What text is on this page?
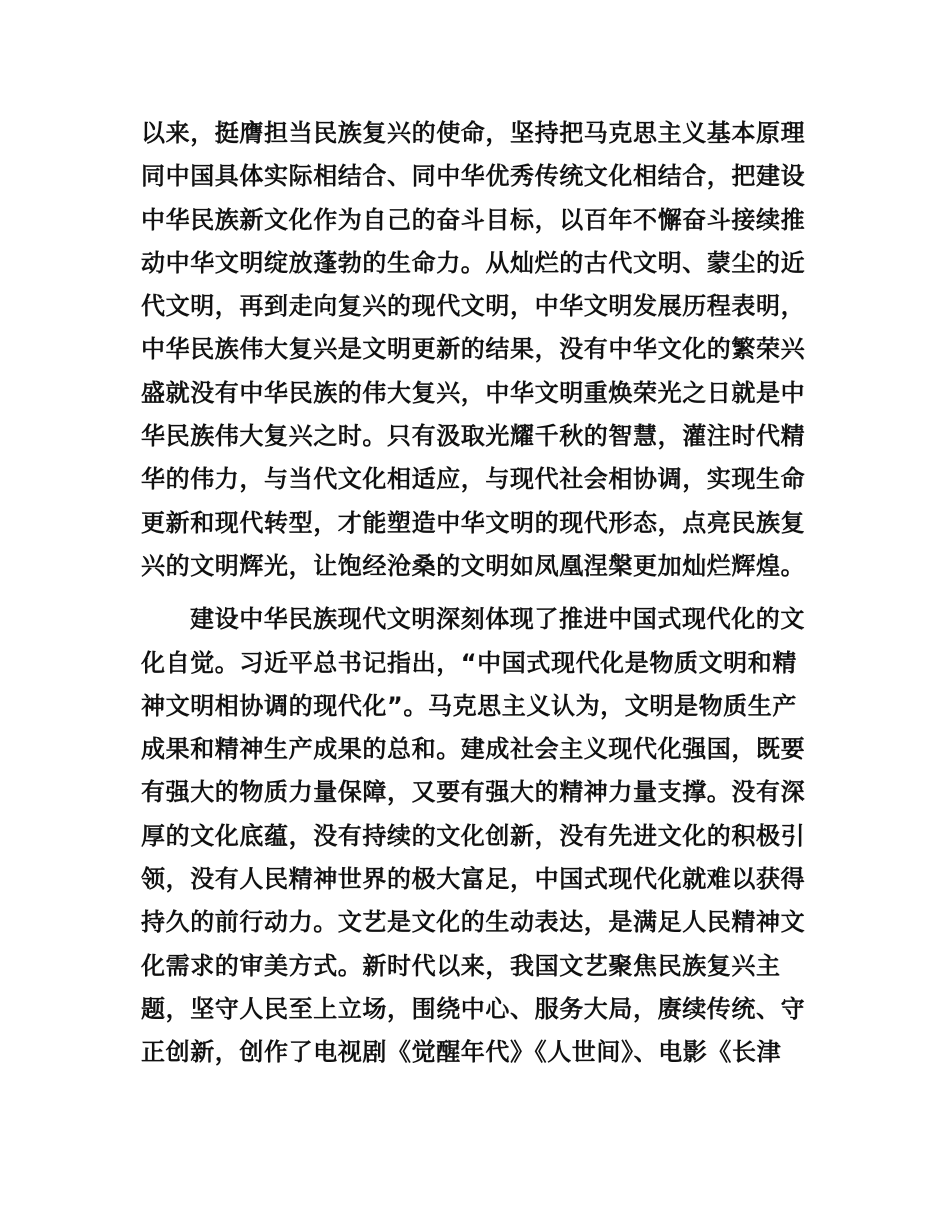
以来，挺膺担当民族复兴的使命，坚持把马克思主义基本原理
同中国具体实际相结合、同中华优秀传统文化相结合，把建设
中华民族新文化作为自己的奋斗目标，以百年不懈奋斗接续推
动中华文明绽放蓬勃的生命力。从灿烂的古代文明、蒙尘的近
代文明，再到走向复兴的现代文明，中华文明发展历程表明，
中华民族伟大复兴是文明更新的结果，没有中华文化的繁荣兴
盛就没有中华民族的伟大复兴，中华文明重焕荣光之日就是中
华民族伟大复兴之时。只有汲取光耀千秋的智慧，灌注时代精
华的伟力，与当代文化相适应，与现代社会相协调，实现生命
更新和现代转型，才能塑造中华文明的现代形态，点亮民族复
兴的文明辉光，让饱经沧桑的文明如凤凰涅槃更加灿烂辉煌。
建设中华民族现代文明深刻体现了推进中国式现代化的文
化自觉。习近平总书记指出，“中国式现代化是物质文明和精
神文明相协调的现代化”。马克思主义认为，文明是物质生产
成果和精神生产成果的总和。建成社会主义现代化强国，既要
有强大的物质力量保障，又要有强大的精神力量支撑。没有深
厚的文化底蕴，没有持续的文化创新，没有先进文化的积极引
领，没有人民精神世界的极大富足，中国式现代化就难以获得
持久的前行动力。文艺是文化的生动表达，是满足人民精神文
化需求的审美方式。新时代以来，我国文艺聚焦民族复兴主
题，坚守人民至上立场，围绕中心、服务大局，赓续传统、守
正创新，创作了电视剧《觉醒年代》《人世间》、电影《长津
